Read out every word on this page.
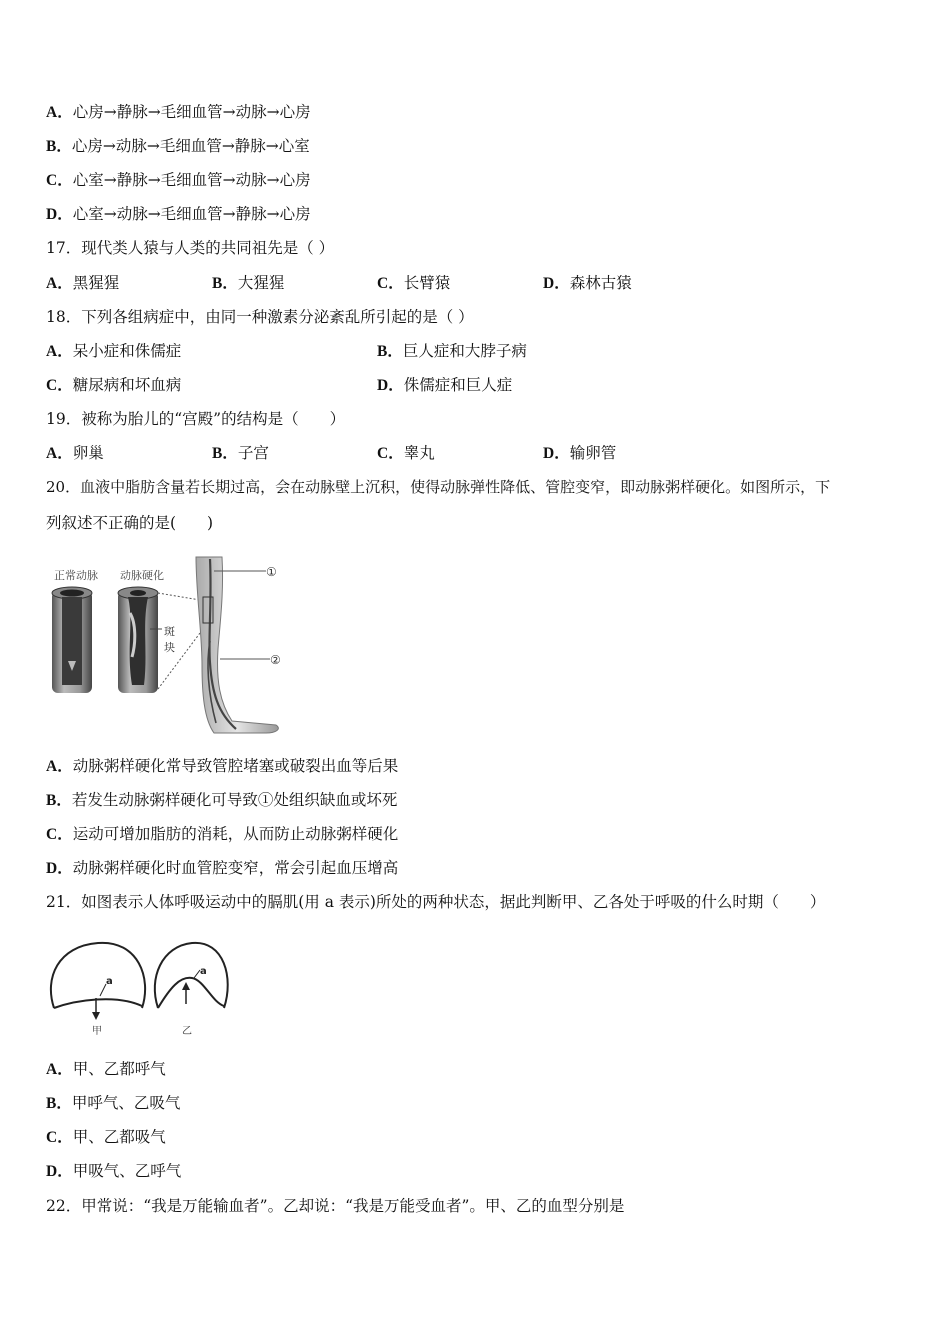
A．心房→静脉→毛细血管→动脉→心房
B．心房→动脉→毛细血管→静脉→心室
C．心室→静脉→毛细血管→动脉→心房
D．心室→动脉→毛细血管→静脉→心房
17．现代类人猿与人类的共同祖先是（ ）
A．黑猩猩	B．大猩猩	C．长臂猿	D．森林古猿
18．下列各组病症中，由同一种激素分泌紊乱所引起的是（ ）
A．呆小症和侏儒症	B．巨人症和大脖子病
C．糖尿病和坏血病	D．侏儒症和巨人症
19．被称为胎儿的“宫殿”的结构是（　　）
A．卵巢	B．子宫	C．睾丸	D．输卵管
20．血液中脂肪含量若长期过高，会在动脉壁上沉积，使得动脉弹性降低、管腔变窄，即动脉粥样硬化。如图所示，下
列叙述不正确的是(　　)
正常动脉 动脉硬化
斑
块
①
②
A．动脉粥样硬化常导致管腔堵塞或破裂出血等后果
B．若发生动脉粥样硬化可导致①处组织缺血或坏死
C．运动可增加脂肪的消耗，从而防止动脉粥样硬化
D．动脉粥样硬化时血管腔变窄，常会引起血压增高
21．如图表示人体呼吸运动中的膈肌(用 a 表示)所处的两种状态，据此判断甲、乙各处于呼吸的什么时期（　　）
a
甲
a
乙
A．甲、乙都呼气
B．甲呼气、乙吸气
C．甲、乙都吸气
D．甲吸气、乙呼气
22．甲常说：“我是万能输血者”。乙却说：“我是万能受血者”。甲、乙的血型分别是
